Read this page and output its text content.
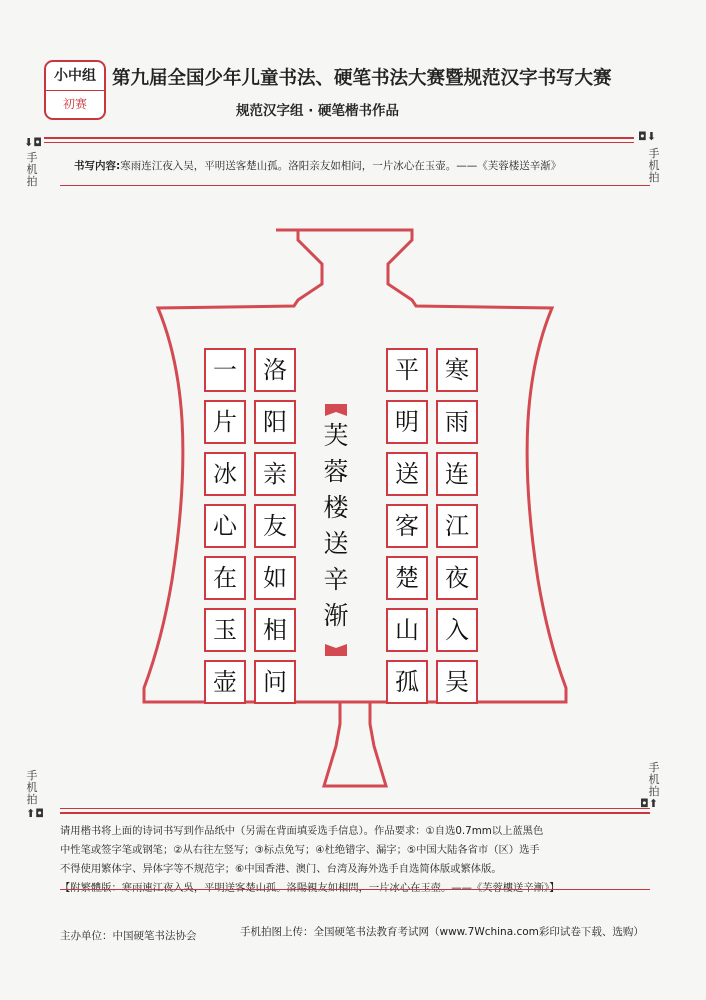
小中组
初赛
第九届全国少年儿童书法、硬笔书法大赛暨规范汉字书写大赛
规范汉字组 · 硬笔楷书作品
⬇◘
手机拍
◘⬇
手机拍
书写内容:寒雨连江夜入吴，平明送客楚山孤。洛阳亲友如相问，一片冰心在玉壶。——《芙蓉楼送辛渐》
芙
蓉
楼
送
辛
渐
寒
雨
连
江
夜
入
吴
平
明
送
客
楚
山
孤
洛
阳
亲
友
如
相
问
一
片
冰
心
在
玉
壶
手机拍
⬆◘
手机拍
◘⬆
请用楷书将上面的诗词书写到作品纸中（另需在背面填妥选手信息）。作品要求：①自选0.7mm以上蓝黑色
中性笔或签字笔或钢笔；②从右往左竖写；③标点免写；④杜绝错字、漏字；⑤中国大陆各省市（区）选手
不得使用繁体字、异体字等不规范字；⑥中国香港、澳门、台湾及海外选手自选简体版或繁体版。
【附繁體版：寒雨連江夜入吳，平明送客楚山孤。洛陽親友如相問，一片冰心在玉壺。——《芙蓉樓送辛漸》】
主办单位：中国硬笔书法协会	手机拍图上传：全国硬笔书法教育考试网（www.7Wchina.com彩印试卷下载、选购）
